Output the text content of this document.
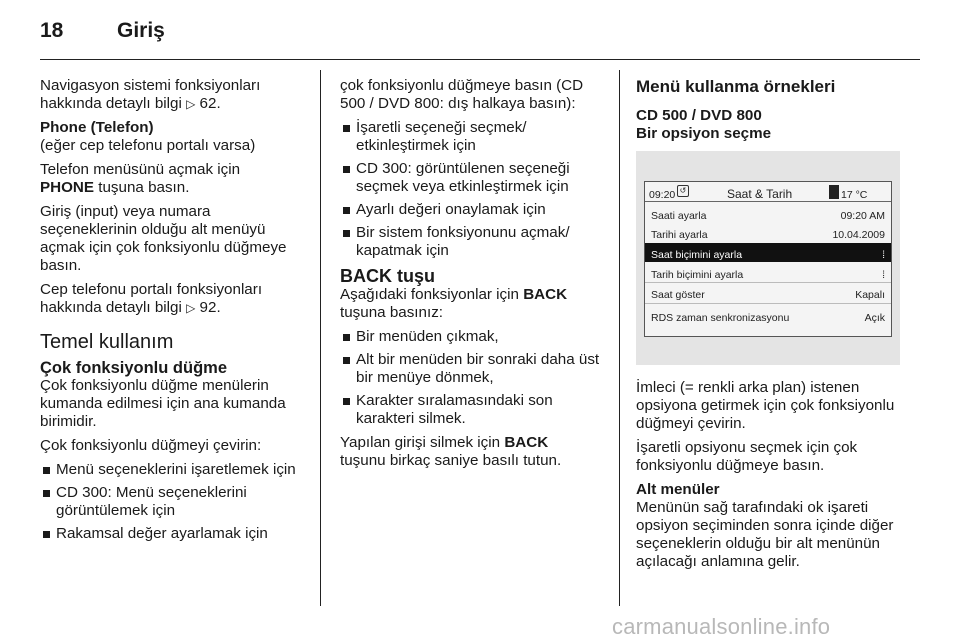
18	Giriş
Navigasyon sistemi fonksiyonları hakkında detaylı bilgi ▷ 62.
Phone (Telefon)
(eğer cep telefonu portalı varsa)
Telefon menüsünü açmak için
PHONE tuşuna basın.
Giriş (input) veya numara seçeneklerinin olduğu alt menüyü açmak için çok fonksiyonlu düğmeye basın.
Cep telefonu portalı fonksiyonları hakkında detaylı bilgi ▷ 92.
Temel kullanım
Çok fonksiyonlu düğme
Çok fonksiyonlu düğme menülerin kumanda edilmesi için ana kumanda birimidir.
Çok fonksiyonlu düğmeyi çevirin:
Menü seçeneklerini işaretlemek için
CD 300: Menü seçeneklerini görüntülemek için
Rakamsal değer ayarlamak için
çok fonksiyonlu düğmeye basın (CD 500 / DVD 800: dış halkaya basın):
İşaretli seçeneği seçmek/ etkinleştirmek için
CD 300: görüntülenen seçeneği seçmek veya etkinleştirmek için
Ayarlı değeri onaylamak için
Bir sistem fonksiyonunu açmak/ kapatmak için
BACK tuşu
Aşağıdaki fonksiyonlar için BACK
tuşuna basınız:
Bir menüden çıkmak,
Alt bir menüden bir sonraki daha üst bir menüye dönmek,
Karakter sıralamasındaki son karakteri silmek.
Yapılan girişi silmek için BACK
tuşunu birkaç saniye basılı tutun.
Menü kullanma örnekleri
CD 500 / DVD 800
Bir opsiyon seçme
09:20 ↺	Saat & Tarih	17 °C
Saati ayarla	09:20 AM
Tarihi ayarla	10.04.2009
Saat biçimini ayarla	⁞
Tarih biçimini ayarla	⁞
Saat göster	Kapalı
RDS zaman senkronizasyonu	Açık
İmleci (= renkli arka plan) istenen opsiyona getirmek için çok fonksiyonlu düğmeyi çevirin.
İşaretli opsiyonu seçmek için çok fonksiyonlu düğmeye basın.
Alt menüler
Menünün sağ tarafındaki ok işareti opsiyon seçiminden sonra içinde diğer seçeneklerin olduğu bir alt menünün açılacağı anlamına gelir.
carmanualsonline.info
